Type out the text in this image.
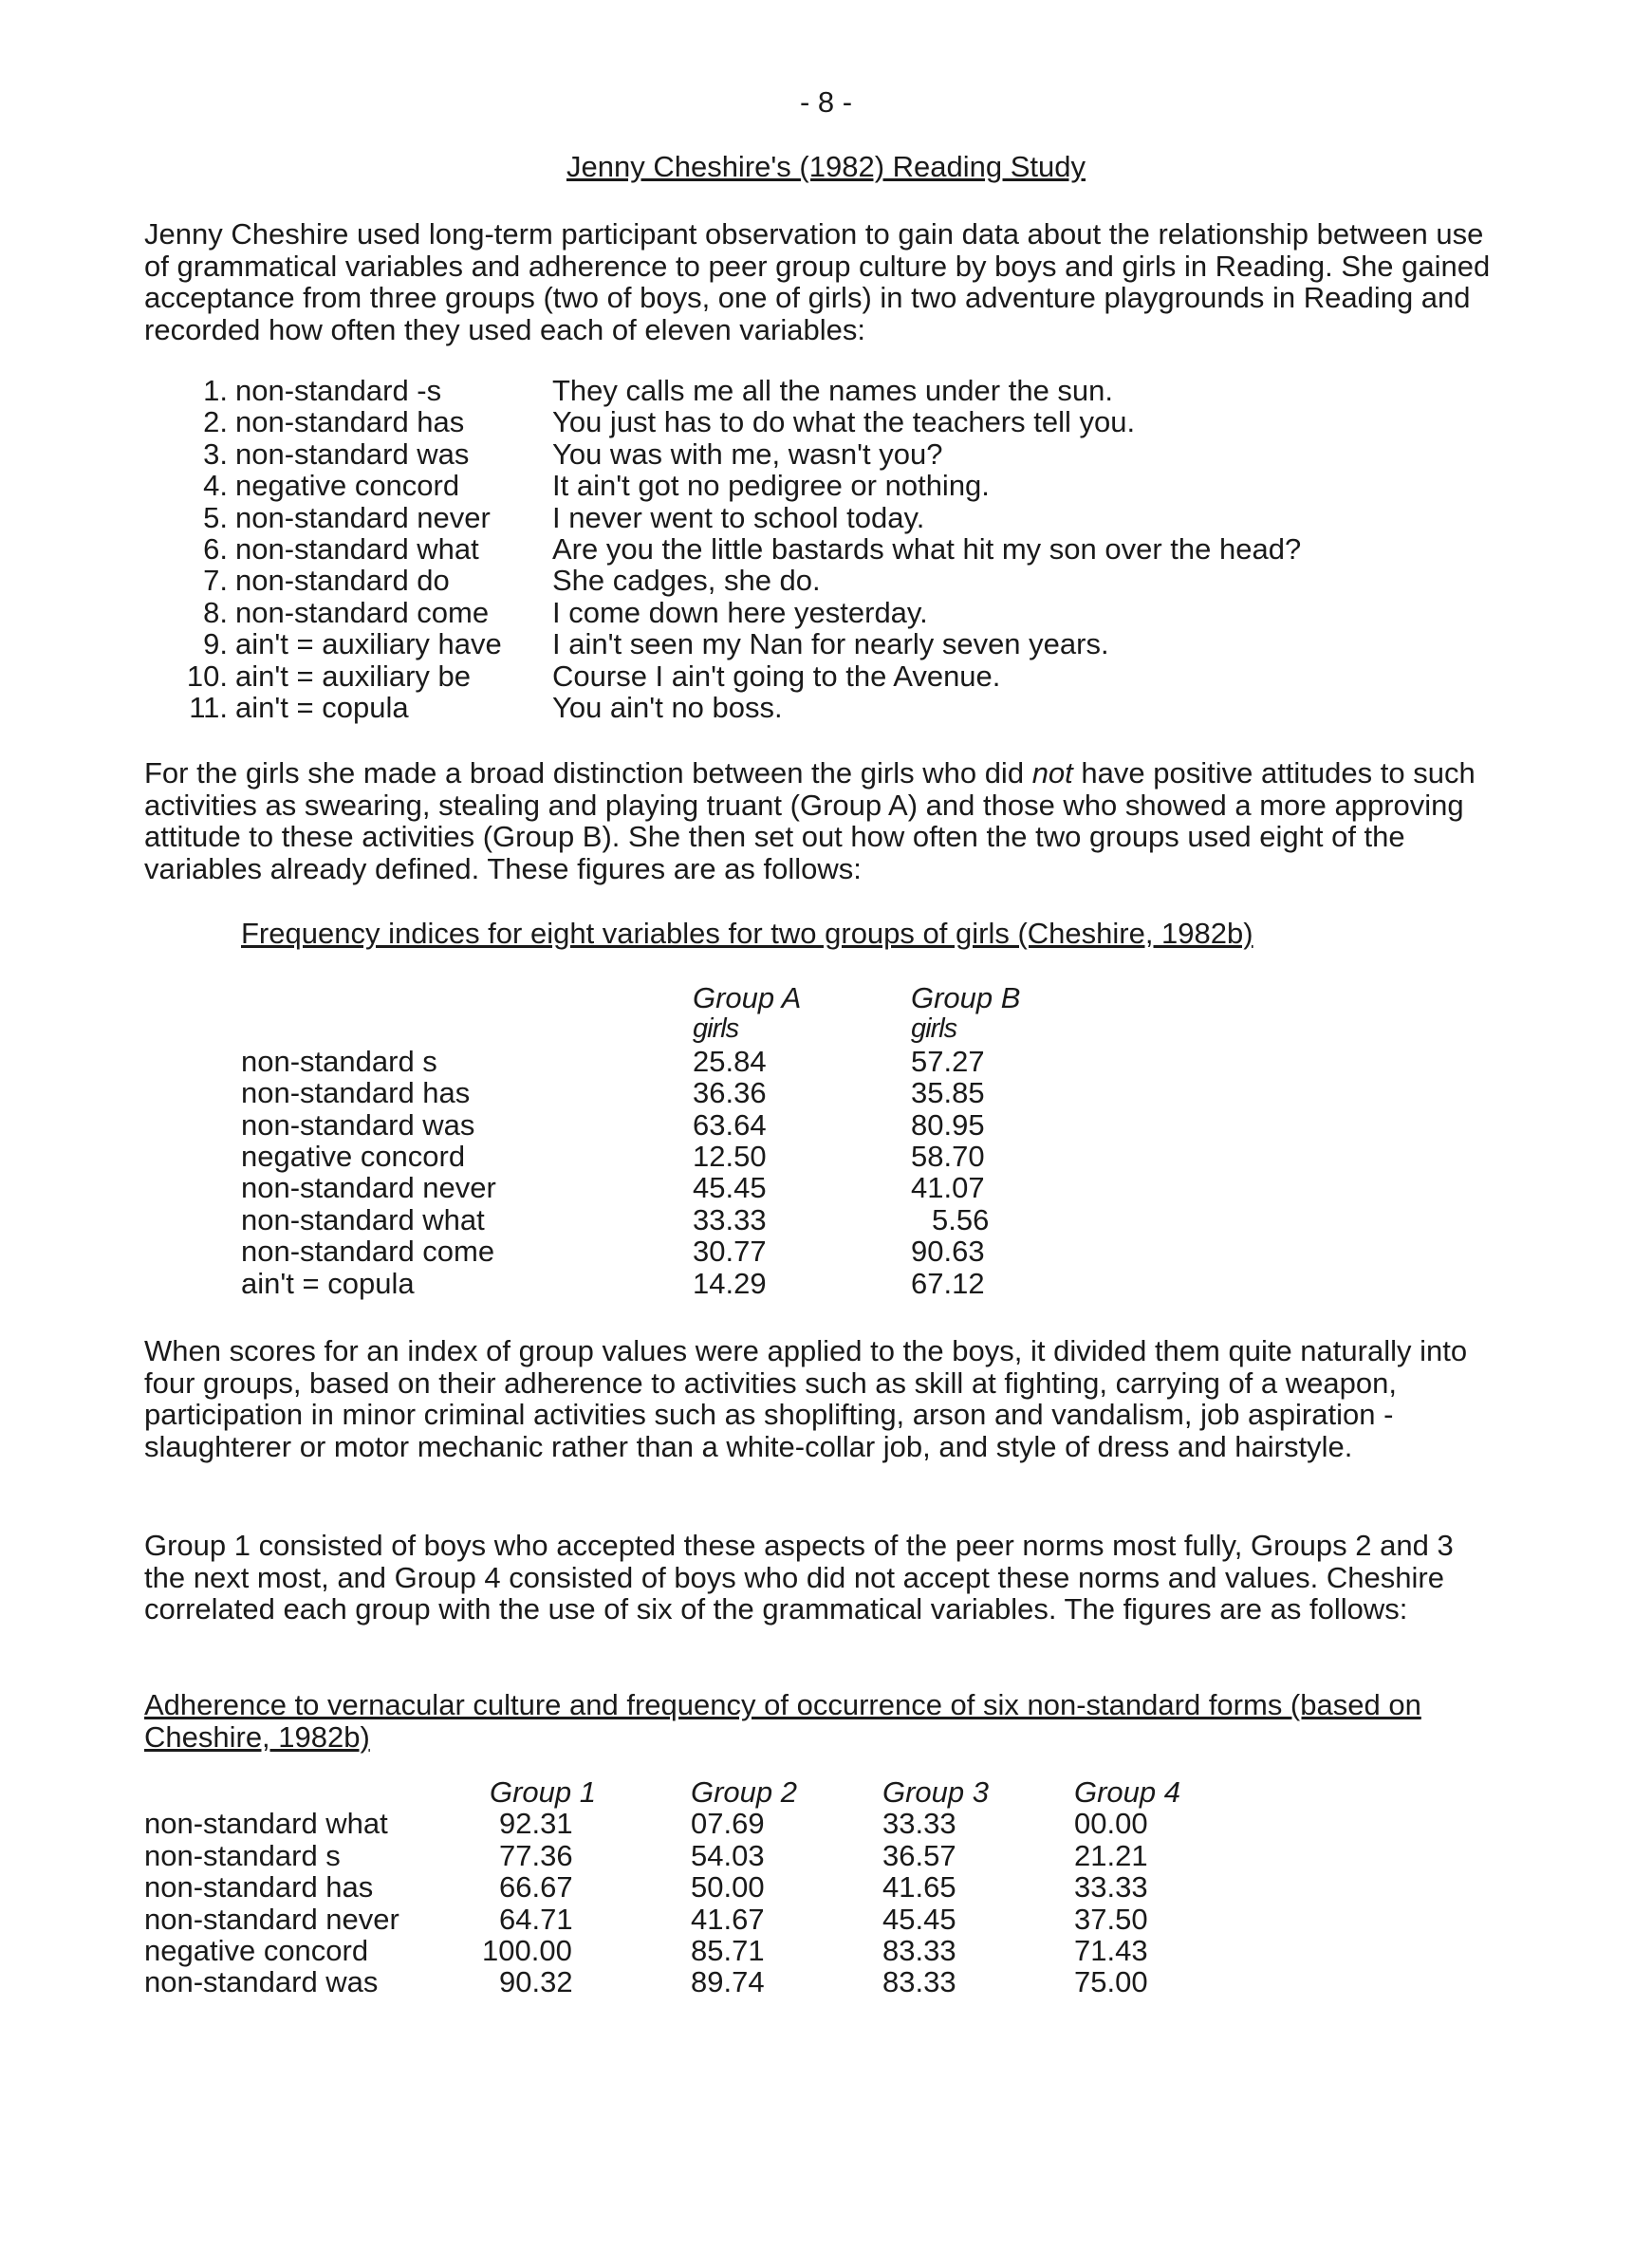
- 8 -
Jenny Cheshire's (1982) Reading Study

Jenny Cheshire used long-term participant observation to gain data about the relationship between use of grammatical variables and adherence to peer group culture by boys and girls in Reading. She gained acceptance from three groups (two of boys, one of girls) in two adventure playgrounds in Reading and recorded how often they used each of eleven variables:

1. non-standard -s	They calls me all the names under the sun.
2. non-standard has	You just has to do what the teachers tell you.
3. non-standard was	You was with me, wasn't you?
4. negative concord	It ain't got no pedigree or nothing.
5. non-standard never	I never went to school today.
6. non-standard what	Are you the little bastards what hit my son over the head?
7. non-standard do	She cadges, she do.
8. non-standard come	I come down here yesterday.
9. ain't = auxiliary have	I ain't seen my Nan for nearly seven years.
10. ain't = auxiliary be	Course I ain't going to the Avenue.
11. ain't = copula	You ain't no boss.

For the girls she made a broad distinction between the girls who did not have positive attitudes to such activities as swearing, stealing and playing truant (Group A) and those who showed a more approving attitude to these activities (Group B). She then set out how often the two groups used eight of the variables already defined. These figures are as follows:

Frequency indices for eight variables for two groups of girls (Cheshire, 1982b)
	Group A	Group B
	girls	girls
non-standard s	25.84	57.27
non-standard has	36.36	35.85
non-standard was	63.64	80.95
negative concord	12.50	58.70
non-standard never	45.45	41.07
non-standard what	33.33	5.56
non-standard come	30.77	90.63
ain't = copula	14.29	67.12

When scores for an index of group values were applied to the boys, it divided them quite naturally into four groups, based on their adherence to activities such as skill at fighting, carrying of a weapon, participation in minor criminal activities such as shoplifting, arson and vandalism, job aspiration - slaughterer or motor mechanic rather than a white-collar job, and style of dress and hairstyle.

Group 1 consisted of boys who accepted these aspects of the peer norms most fully, Groups 2 and 3 the next most, and Group 4 consisted of boys who did not accept these norms and values. Cheshire correlated each group with the use of six of the grammatical variables. The figures are as follows:

Adherence to vernacular culture and frequency of occurrence of six non-standard forms (based on Cheshire, 1982b)
	Group 1	Group 2	Group 3	Group 4
non-standard what	92.31	07.69	33.33	00.00
non-standard s	77.36	54.03	36.57	21.21
non-standard has	66.67	50.00	41.65	33.33
non-standard never	64.71	41.67	45.45	37.50
negative concord	100.00	85.71	83.33	71.43
non-standard was	90.32	89.74	83.33	75.00
